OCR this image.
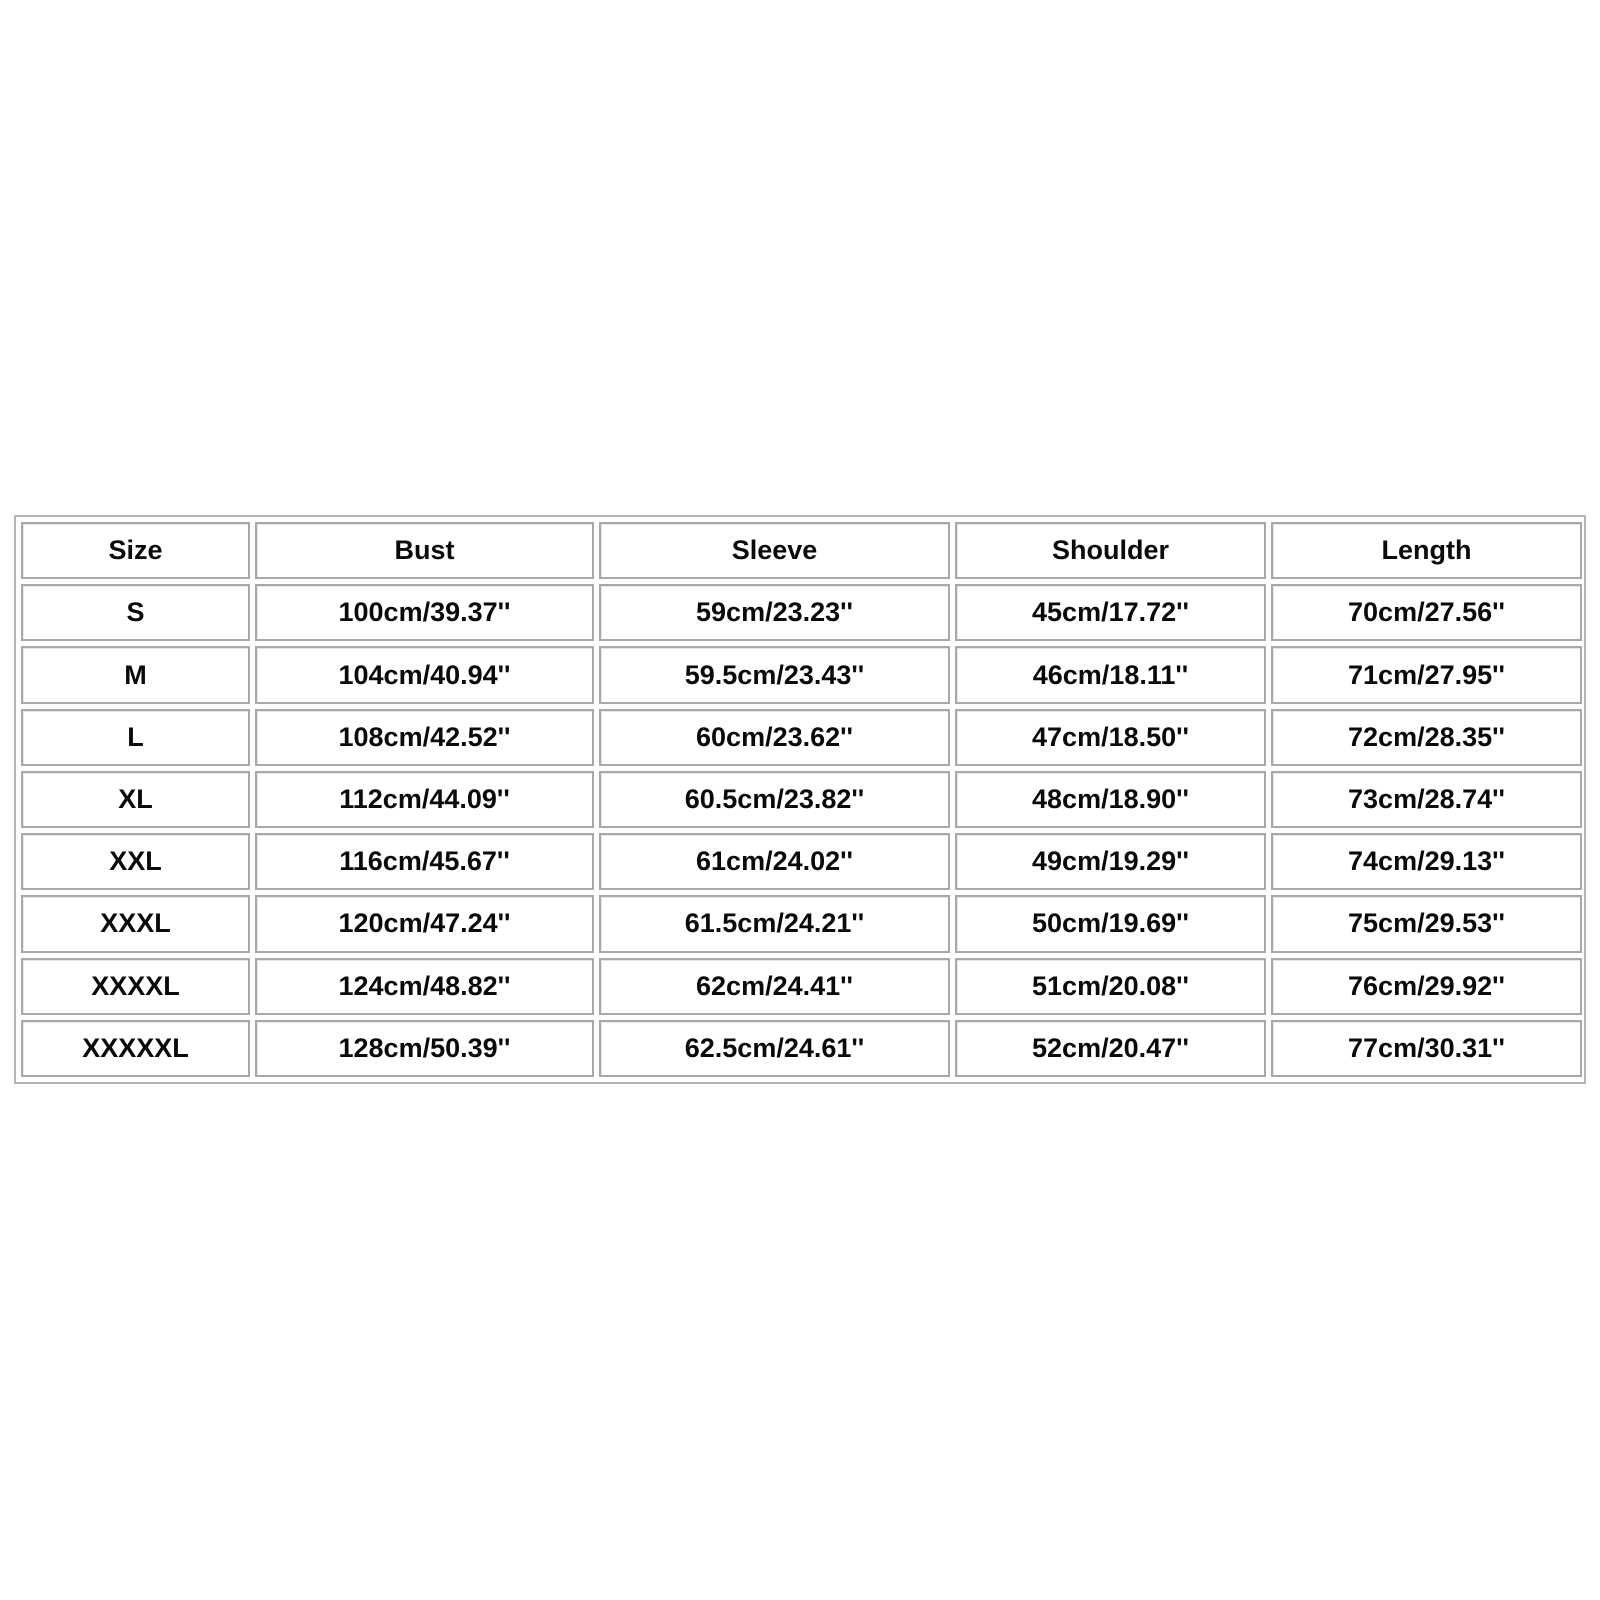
Size	Bust	Sleeve	Shoulder	Length
S	100cm/39.37''	59cm/23.23''	45cm/17.72''	70cm/27.56''
M	104cm/40.94''	59.5cm/23.43''	46cm/18.11''	71cm/27.95''
L	108cm/42.52''	60cm/23.62''	47cm/18.50''	72cm/28.35''
XL	112cm/44.09''	60.5cm/23.82''	48cm/18.90''	73cm/28.74''
XXL	116cm/45.67''	61cm/24.02''	49cm/19.29''	74cm/29.13''
XXXL	120cm/47.24''	61.5cm/24.21''	50cm/19.69''	75cm/29.53''
XXXXL	124cm/48.82''	62cm/24.41''	51cm/20.08''	76cm/29.92''
XXXXXL	128cm/50.39''	62.5cm/24.61''	52cm/20.47''	77cm/30.31''
